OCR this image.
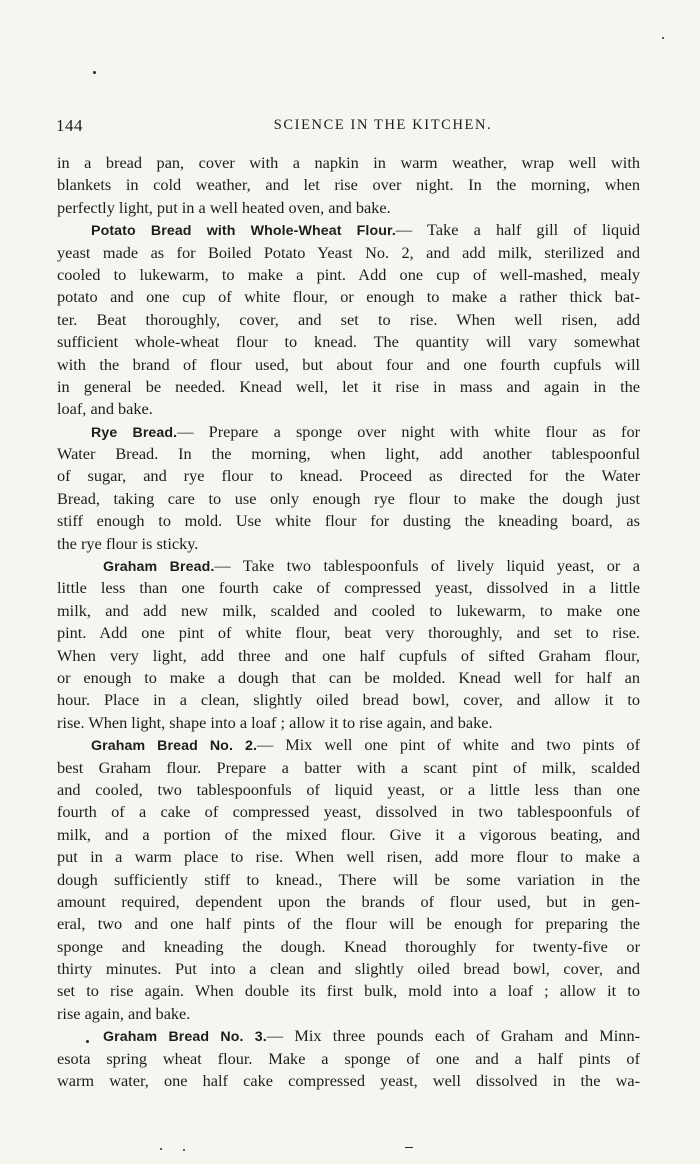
144	SCIENCE IN THE KITCHEN.
in a bread pan, cover with a napkin in warm weather, wrap well with
blankets in cold weather, and let rise over night. In the morning, when
perfectly light, put in a well heated oven, and bake.
Potato Bread with Whole-Wheat Flour.— Take a half gill of liquid
yeast made as for Boiled Potato Yeast No. 2, and add milk, sterilized and
cooled to lukewarm, to make a pint. Add one cup of well-mashed, mealy
potato and one cup of white flour, or enough to make a rather thick bat-
ter. Beat thoroughly, cover, and set to rise. When well risen, add
sufficient whole-wheat flour to knead. The quantity will vary somewhat
with the brand of flour used, but about four and one fourth cupfuls will
in general be needed. Knead well, let it rise in mass and again in the
loaf, and bake.
Rye Bread.— Prepare a sponge over night with white flour as for
Water Bread. In the morning, when light, add another tablespoonful
of sugar, and rye flour to knead. Proceed as directed for the Water
Bread, taking care to use only enough rye flour to make the dough just
stiff enough to mold. Use white flour for dusting the kneading board, as
the rye flour is sticky.
Graham Bread.— Take two tablespoonfuls of lively liquid yeast, or a
little less than one fourth cake of compressed yeast, dissolved in a little
milk, and add new milk, scalded and cooled to lukewarm, to make one
pint. Add one pint of white flour, beat very thoroughly, and set to rise.
When very light, add three and one half cupfuls of sifted Graham flour,
or enough to make a dough that can be molded. Knead well for half an
hour. Place in a clean, slightly oiled bread bowl, cover, and allow it to
rise. When light, shape into a loaf ; allow it to rise again, and bake.
Graham Bread No. 2.— Mix well one pint of white and two pints of
best Graham flour. Prepare a batter with a scant pint of milk, scalded
and cooled, two tablespoonfuls of liquid yeast, or a little less than one
fourth of a cake of compressed yeast, dissolved in two tablespoonfuls of
milk, and a portion of the mixed flour. Give it a vigorous beating, and
put in a warm place to rise. When well risen, add more flour to make a
dough sufficiently stiff to knead., There will be some variation in the
amount required, dependent upon the brands of flour used, but in gen-
eral, two and one half pints of the flour will be enough for preparing the
sponge and kneading the dough. Knead thoroughly for twenty-five or
thirty minutes. Put into a clean and slightly oiled bread bowl, cover, and
set to rise again. When double its first bulk, mold into a loaf ; allow it to
rise again, and bake.
Graham Bread No. 3.— Mix three pounds each of Graham and Minn-
esota spring wheat flour. Make a sponge of one and a half pints of
warm water, one half cake compressed yeast, well dissolved in the wa-
